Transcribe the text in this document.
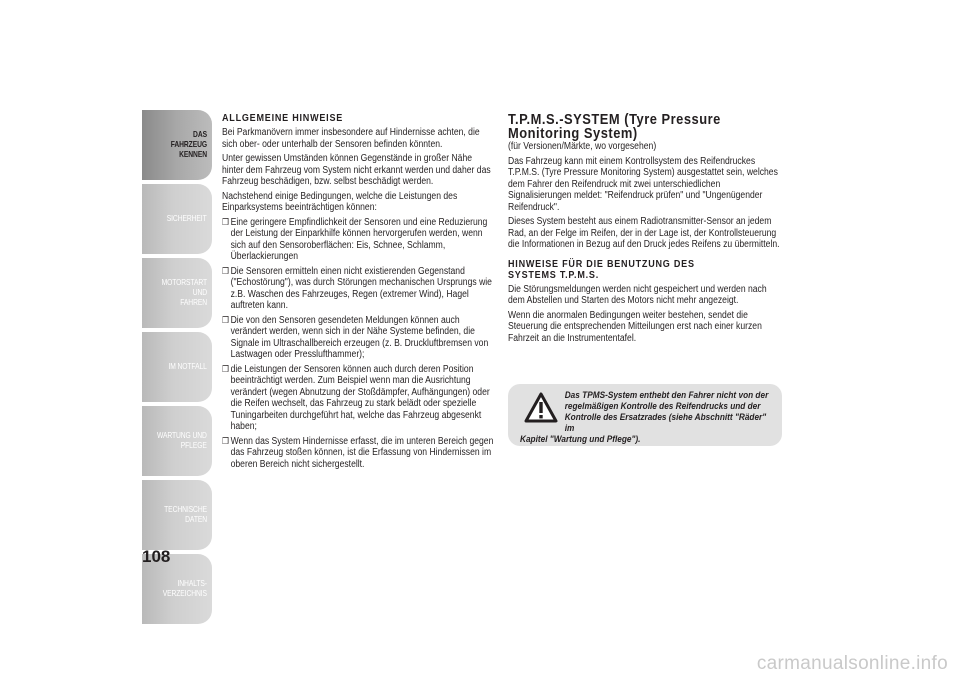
DAS FAHRZEUG
KENNEN
SICHERHEIT
MOTORSTART UND
FAHREN
IM NOTFALL
WARTUNG UND
PFLEGE
TECHNISCHE DATEN
INHALTS-
VERZEICHNIS
108
ALLGEMEINE HINWEISE

Bei Parkmanövern immer insbesondere auf Hindernisse achten, die sich ober- oder unterhalb der Sensoren befinden könnten.

Unter gewissen Umständen können Gegenstände in großer Nähe hinter dem Fahrzeug vom System nicht erkannt werden und daher das Fahrzeug beschädigen, bzw. selbst beschädigt werden.

Nachstehend einige Bedingungen, welche die Leistungen des Einparksystems beeinträchtigen können:

❒ Eine geringere Empfindlichkeit der Sensoren und eine Reduzierung der Leistung der Einparkhilfe können hervorgerufen werden, wenn sich auf den Sensoroberflächen: Eis, Schnee, Schlamm, Überlackierungen
❒ Die Sensoren ermitteln einen nicht existierenden Gegenstand ("Echostörung"), was durch Störungen mechanischen Ursprungs wie z.B. Waschen des Fahrzeuges, Regen (extremer Wind), Hagel auftreten kann.
❒ Die von den Sensoren gesendeten Meldungen können auch verändert werden, wenn sich in der Nähe Systeme befinden, die Signale im Ultraschallbereich erzeugen (z. B. Druckluftbremsen von Lastwagen oder Presslufthammer);
❒ die Leistungen der Sensoren können auch durch deren Position beeinträchtigt werden. Zum Beispiel wenn man die Ausrichtung verändert (wegen Abnutzung der Stoßdämpfer, Aufhängungen) oder die Reifen wechselt, das Fahrzeug zu stark belädt oder spezielle Tuningarbeiten durchgeführt hat, welche das Fahrzeug abgesenkt haben;
❒ Wenn das System Hindernisse erfasst, die im unteren Bereich gegen das Fahrzeug stoßen können, ist die Erfassung von Hindernissen im oberen Bereich nicht sichergestellt.
T.P.M.S.-SYSTEM (Tyre Pressure
Monitoring System)

(für Versionen/Märkte, wo vorgesehen)

Das Fahrzeug kann mit einem Kontrollsystem des Reifendruckes T.P.M.S. (Tyre Pressure Monitoring System) ausgestattet sein, welches dem Fahrer den Reifendruck mit zwei unterschiedlichen Signalisierungen meldet: "Reifendruck prüfen" und "Ungenügender Reifendruck".

Dieses System besteht aus einem Radiotransmitter-Sensor an jedem Rad, an der Felge im Reifen, der in der Lage ist, der Kontrollsteuerung die Informationen in Bezug auf den Druck jedes Reifens zu übermitteln.

HINWEISE FÜR DIE BENUTZUNG DES
SYSTEMS T.P.M.S.

Die Störungsmeldungen werden nicht gespeichert und werden nach dem Abstellen und Starten des Motors nicht mehr angezeigt.

Wenn die anormalen Bedingungen weiter bestehen, sendet die Steuerung die entsprechenden Mitteilungen erst nach einer kurzen Fahrzeit an die Instrumententafel.

Das TPMS-System enthebt den Fahrer nicht von der
regelmäßigen Kontrolle des Reifendrucks und der
Kontrolle des Ersatzrades (siehe Abschnitt "Räder" im
Kapitel "Wartung und Pflege").
carmanualsonline.info
